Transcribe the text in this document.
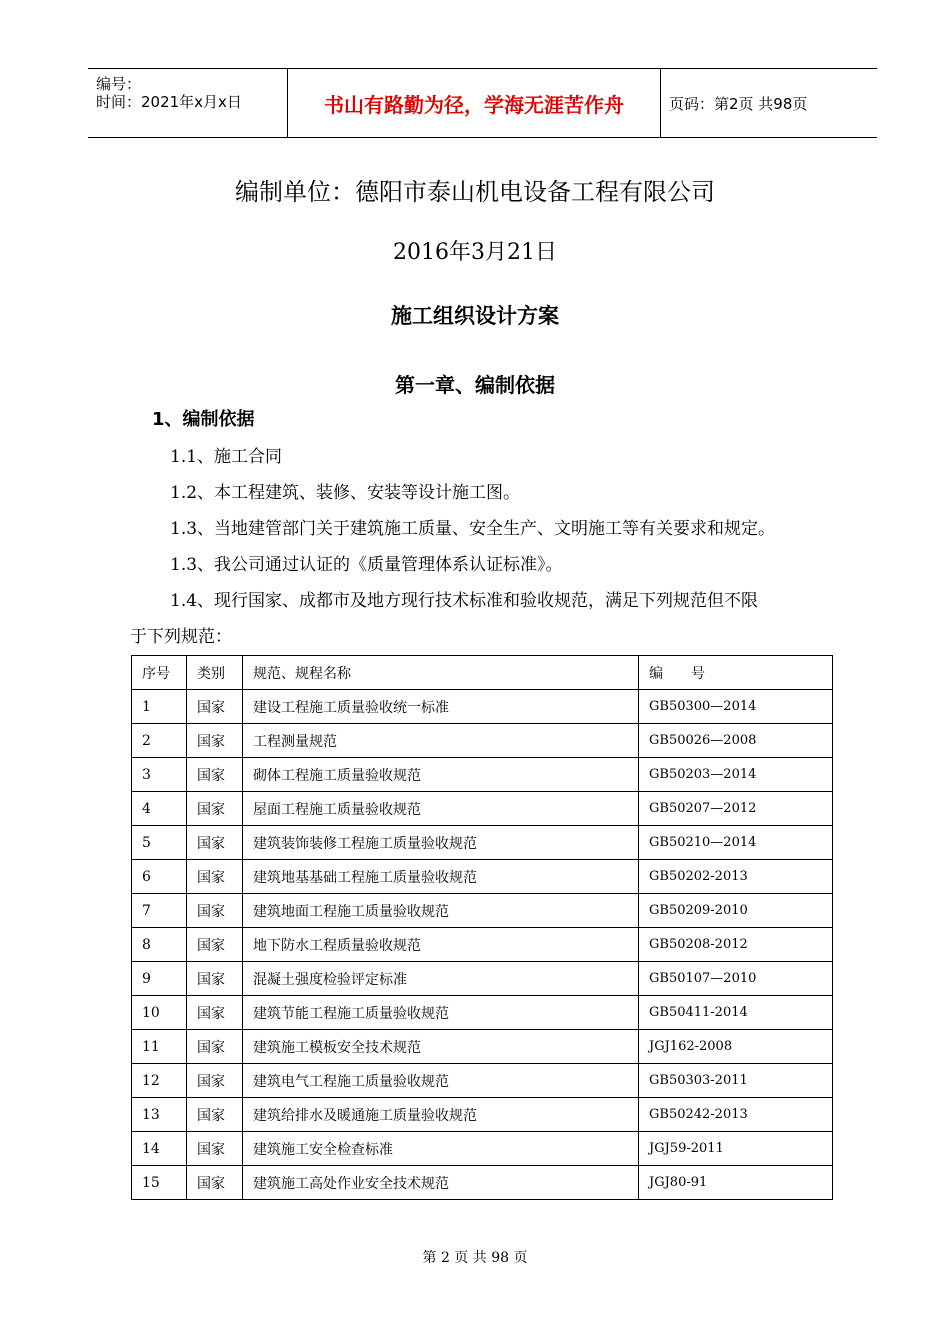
编号：
时间：2021年x月x日	书山有路勤为径，学海无涯苦作舟	页码：第2页 共98页
编制单位：德阳市泰山机电设备工程有限公司
2016年3月21日
施工组织设计方案
第一章、编制依据
1、编制依据
1.1、施工合同
1.2、本工程建筑、装修、安装等设计施工图。
1.3、当地建管部门关于建筑施工质量、安全生产、文明施工等有关要求和规定。
1.3、我公司通过认证的《质量管理体系认证标准》。
1.4、现行国家、成都市及地方现行技术标准和验收规范，满足下列规范但不限
于下列规范：
序号	类别	规范、规程名称	编　　号
1	国家	建设工程施工质量验收统一标准	GB50300—2014
2	国家	工程测量规范	GB50026—2008
3	国家	砌体工程施工质量验收规范	GB50203—2014
4	国家	屋面工程施工质量验收规范	GB50207—2012
5	国家	建筑装饰装修工程施工质量验收规范	GB50210—2014
6	国家	建筑地基基础工程施工质量验收规范	GB50202-2013
7	国家	建筑地面工程施工质量验收规范	GB50209-2010
8	国家	地下防水工程质量验收规范	GB50208-2012
9	国家	混凝土强度检验评定标准	GB50107—2010
10	国家	建筑节能工程施工质量验收规范	GB50411-2014
11	国家	建筑施工模板安全技术规范	JGJ162-2008
12	国家	建筑电气工程施工质量验收规范	GB50303-2011
13	国家	建筑给排水及暖通施工质量验收规范	GB50242-2013
14	国家	建筑施工安全检查标准	JGJ59-2011
15	国家	建筑施工高处作业安全技术规范	JGJ80-91
第 2 页 共 98 页
